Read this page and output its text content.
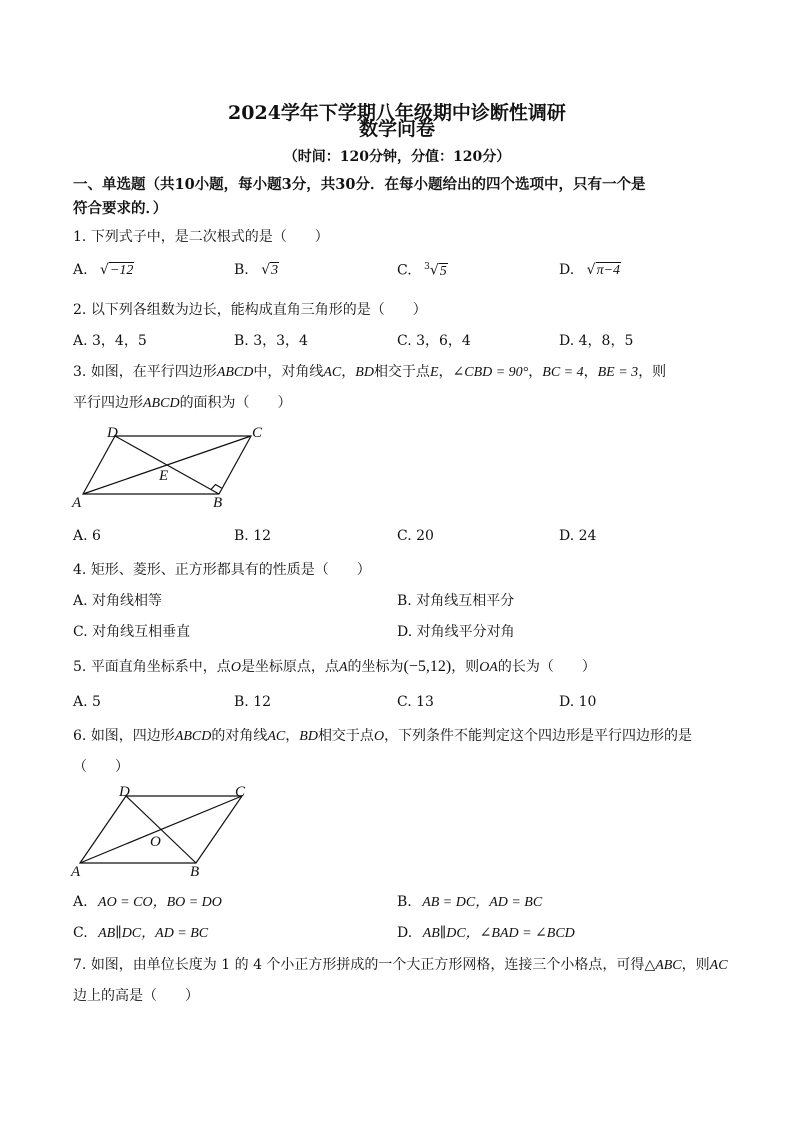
2024学年下学期八年级期中诊断性调研
数学问卷
（时间：120分钟，分值：120分）
一、单选题（共10小题，每小题3分，共30分．在每小题给出的四个选项中，只有一个是
符合要求的．）
1. 下列式子中，是二次根式的是（　　）
A. √−12	B. √3	C. $^3$√5	D. √π−4
2. 以下列各组数为边长，能构成直角三角形的是（　　）
A. 3，4，5	B. 3，3，4	C. 3，6，4	D. 4，8，5
3. 如图，在平行四边形ABCD中，对角线AC，BD相交于点E，∠CBD = 90°，BC = 4，BE = 3，则
平行四边形ABCD的面积为（　　）
D	C
E
A	B
A. 6	B. 12	C. 20	D. 24
4. 矩形、菱形、正方形都具有的性质是（　　）
A. 对角线相等	B. 对角线互相平分
C. 对角线互相垂直	D. 对角线平分对角
5. 平面直角坐标系中，点O是坐标原点，点A的坐标为(−5,12)，则OA的长为（　　）
A. 5	B. 12	C. 13	D. 10
6. 如图，四边形ABCD的对角线AC，BD相交于点O，下列条件不能判定这个四边形是平行四边形的是
（　　）
D	C
O
A	B
A. AO = CO，BO = DO	B. AB = DC，AD = BC
C. AB∥DC，AD = BC	D. AB∥DC，∠BAD = ∠BCD
7. 如图，由单位长度为 1 的 4 个小正方形拼成的一个大正方形网格，连接三个小格点，可得△ABC，则AC
边上的高是（　　）
